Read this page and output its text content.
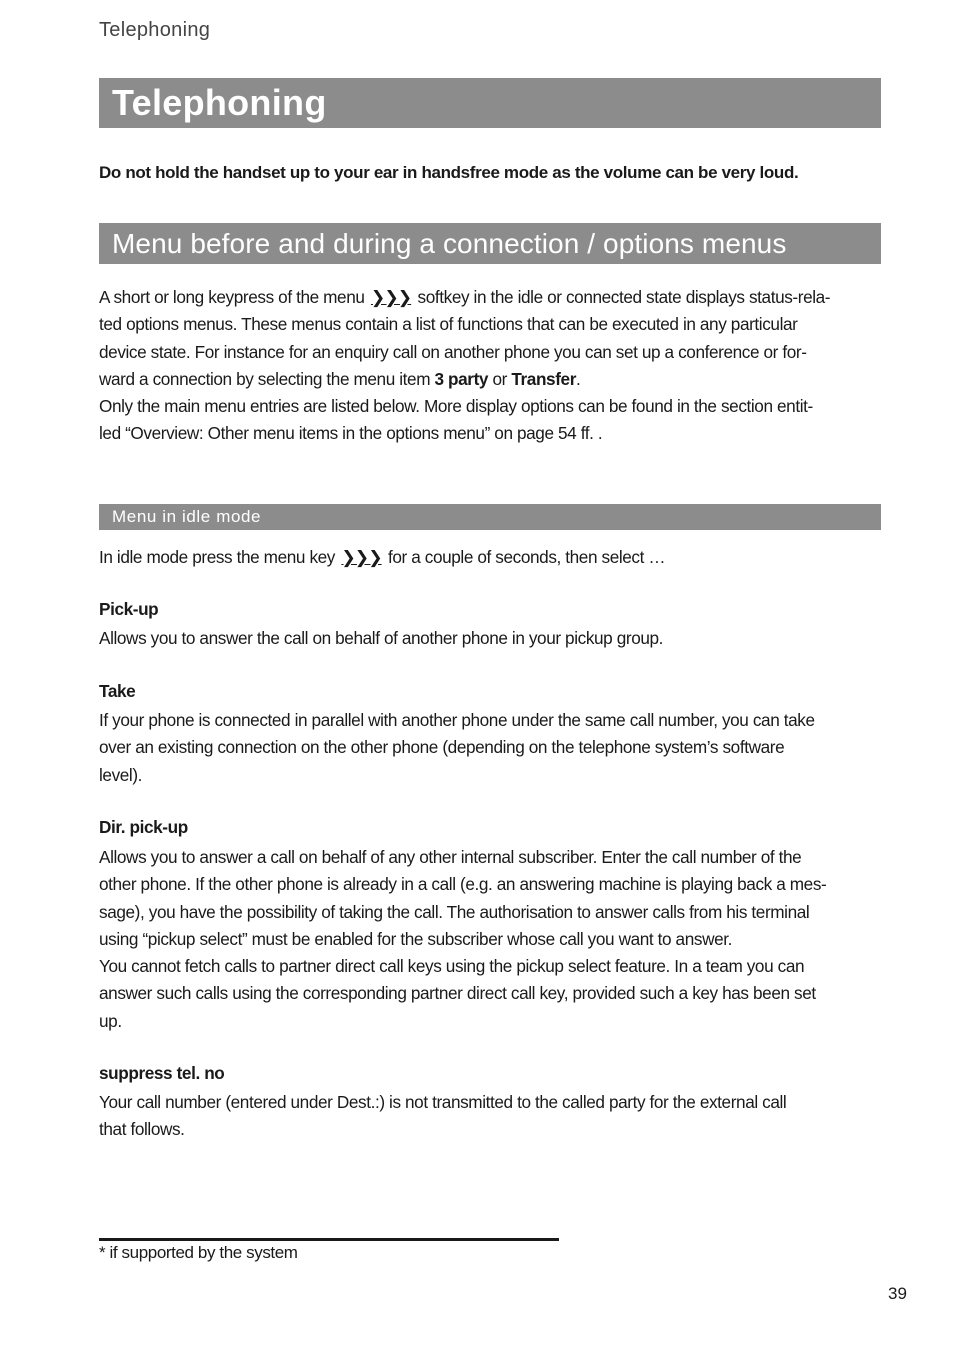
Telephoning
Telephoning
Do not hold the handset up to your ear in handsfree mode as the volume can be very loud.
Menu before and during a connection / options menus

A short or long keypress of the menu ❯❯❯ softkey in the idle or connected state displays status-rela-

ted options menus. These menus contain a list of functions that can be executed in any particular

device state. For instance for an enquiry call on another phone you can set up a conference or for-

ward a connection by selecting the menu item 3 party or Transfer.

Only the main menu entries are listed below. More display options can be found in the section entit-

led “Overview: Other menu items in the options menu” on page 54 ff. .

Menu in idle mode

In idle mode press the menu key ❯❯❯ for a couple of seconds, then select …

Pick-up

Allows you to answer the call on behalf of another phone in your pickup group.

Take

If your phone is connected in parallel with another phone under the same call number, you can take

over an existing connection on the other phone (depending on the telephone system’s software

level).

Dir. pick-up

Allows you to answer a call on behalf of any other internal subscriber. Enter the call number of the

other phone. If the other phone is already in a call (e.g. an answering machine is playing back a mes-

sage), you have the possibility of taking the call. The authorisation to answer calls from his terminal

using “pickup select” must be enabled for the subscriber whose call you want to answer.

You cannot fetch calls to partner direct call keys using the pickup select feature. In a team you can

answer such calls using the corresponding partner direct call key, provided such a key has been set

up.

suppress tel. no

Your call number (entered under Dest.:) is not transmitted to the called party for the external call

that follows.

* if supported by the system
39
